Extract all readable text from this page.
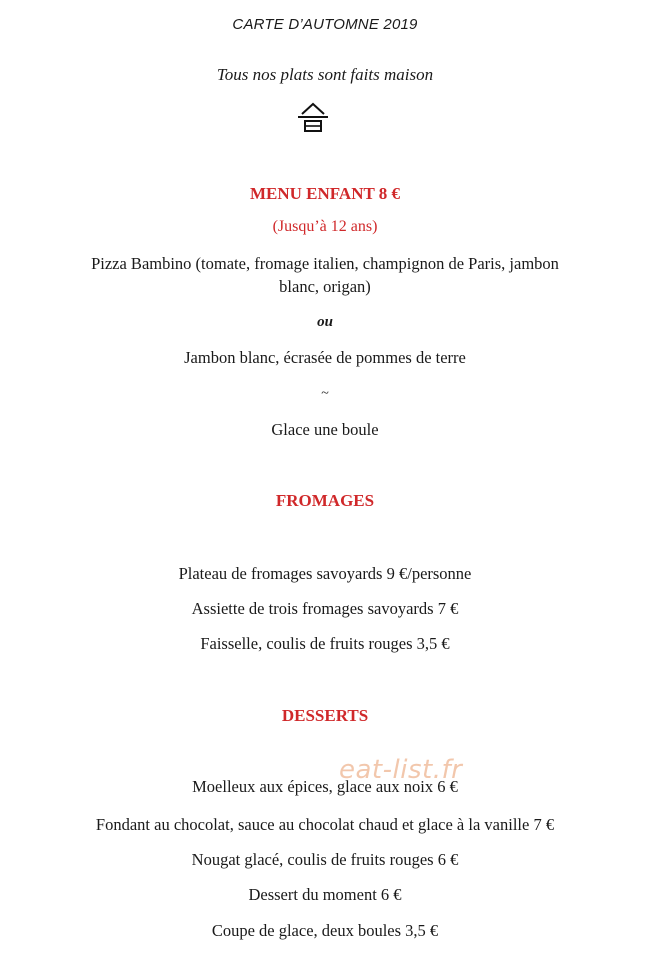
CARTE D’AUTOMNE 2019
Tous nos plats sont faits maison
MENU ENFANT 8 €
(Jusqu’à 12 ans)
Pizza Bambino (tomate, fromage italien, champignon de Paris, jambon
blanc, origan)
ou
Jambon blanc, écrasée de pommes de terre
~
Glace une boule
FROMAGES
Plateau de fromages savoyards 9 €/personne
Assiette de trois fromages savoyards 7 €
Faisselle, coulis de fruits rouges 3,5 €
DESSERTS
Moelleux aux épices, glace aux noix 6 €
Fondant au chocolat, sauce au chocolat chaud et glace à la vanille 7 €
Nougat glacé, coulis de fruits rouges 6 €
Dessert du moment 6 €
Coupe de glace, deux boules 3,5 €
eat-list.fr
